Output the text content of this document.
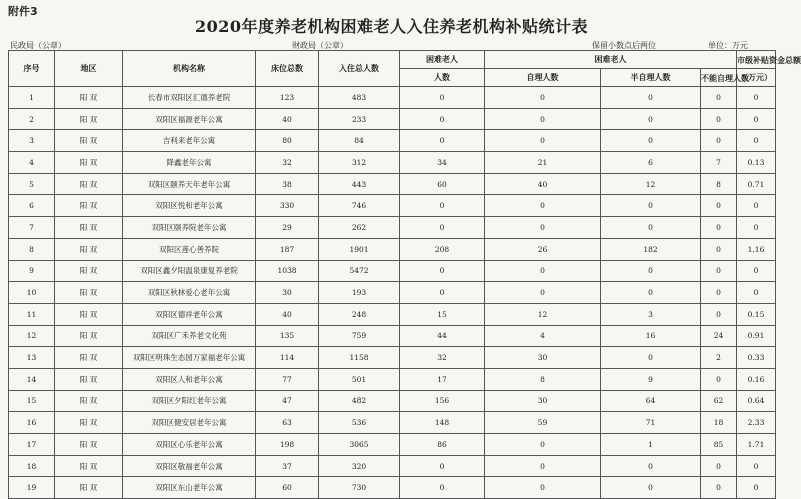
附件3
2020年度养老机构困难老人入住养老机构补贴统计表
民政局（公章）	财政局（公章）	保留小数点后两位	单位：万元
序号	地区	机构名称	床位总数	入住总人数	困难老人	困难老人			市级补贴资金总额
					人数	自理人数	半自理人数	不能自理人数	（万元）
1	阳 双	长春市双阳区汇德养老院	123	483	0	0	0	0	0
2	阳 双	双阳区福源老年公寓	40	233	0	0	0	0	0
3	阳 双	吉利来老年公寓	80	84	0	0	0	0	0
4	阳 双	降鑫老年公寓	32	312	34	21	6	7	0.13
5	阳 双	双阳区颐养天年老年公寓	38	443	60	40	12	8	0.71
6	阳 双	双阳区悦和老年公寓	330	746	0	0	0	0	0
7	阳 双	双阳区颐养院老年公寓	29	262	0	0	0	0	0
8	阳 双	双阳区莲心善养院	187	1901	208	26	182	0	1.16
9	阳 双	双阳区鑫夕阳温泉康复养老院	1038	5472	0	0	0	0	0
10	阳 双	双阳区秋林爱心老年公寓	30	193	0	0	0	0	0
11	阳 双	双阳区德祥老年公寓	40	248	15	12	3	0	0.15
12	阳 双	双阳区广禾养老文化苑	135	759	44	4	16	24	0.91
13	阳 双	双阳区明珠生态园万家福老年公寓	114	1158	32	30	0	2	0.33
14	阳 双	双阳区人和老年公寓	77	501	17	8	9	0	0.16
15	阳 双	双阳区夕阳红老年公寓	47	482	156	30	64	62	0.64
16	阳 双	双阳区健安居老年公寓	63	536	148	59	71	18	2.33
17	阳 双	双阳区心乐老年公寓	198	3065	86	0	1	85	1.71
18	阳 双	双阳区敬福老年公寓	37	320	0	0	0	0	0
19	阳 双	双阳区东山老年公寓	60	730	0	0	0	0	0
